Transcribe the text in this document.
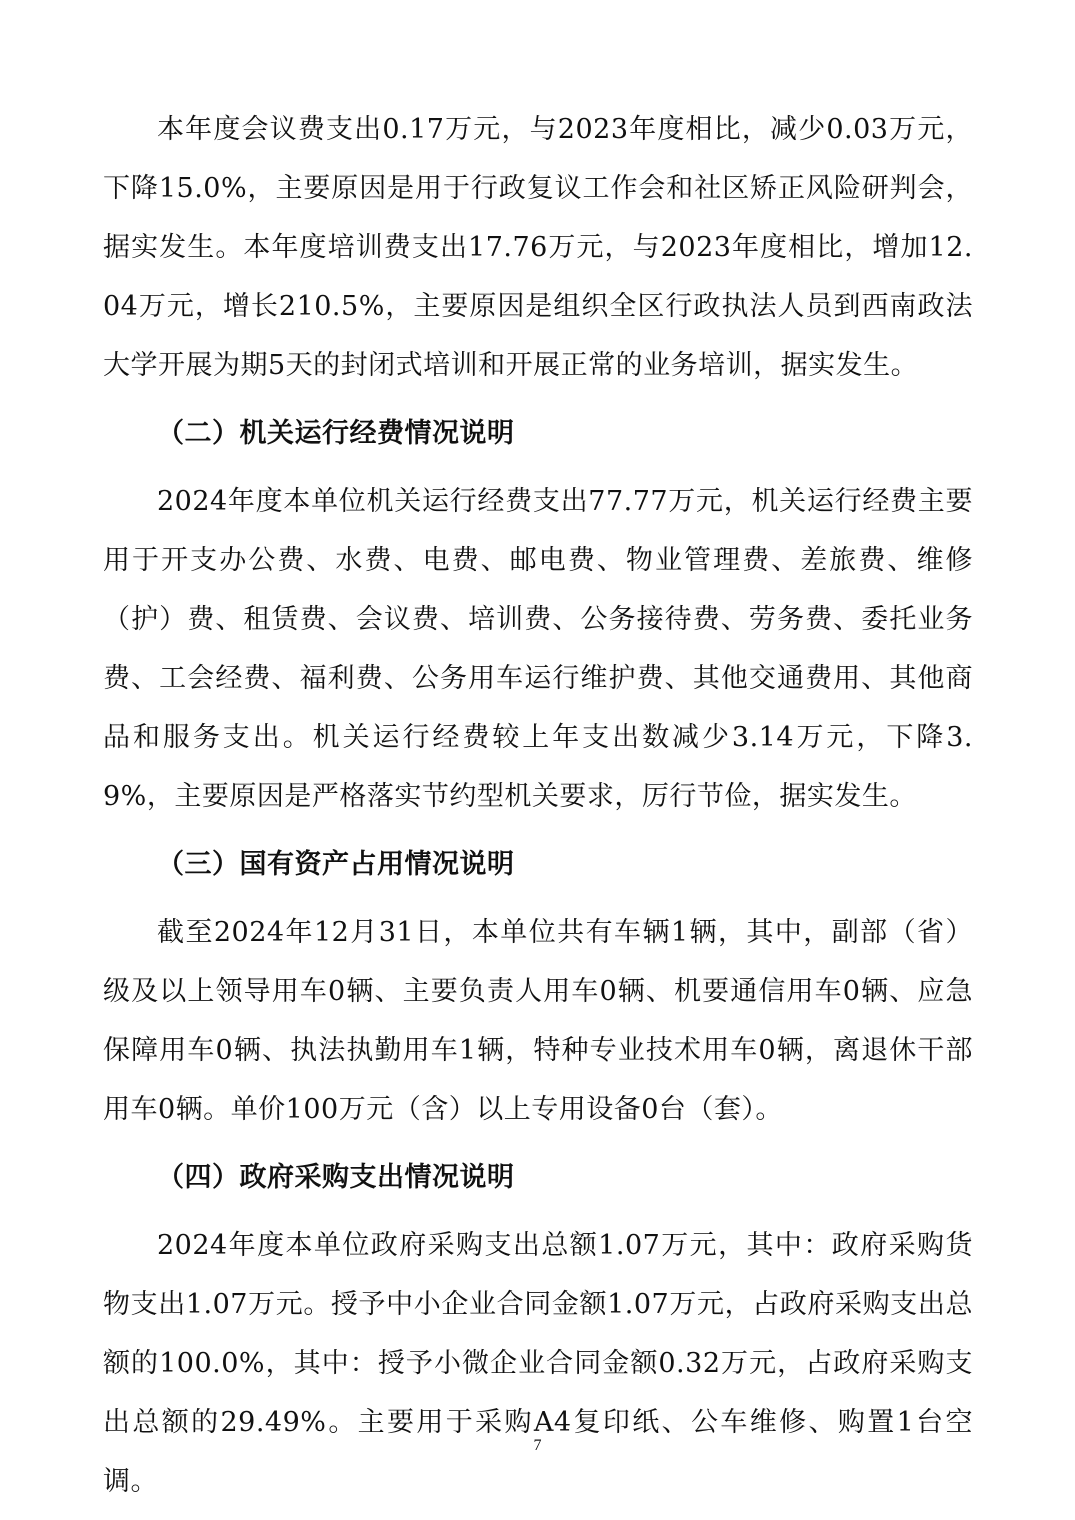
本年度会议费支出0.17万元，与2023年度相比，减少0.03万元，下降15.0%，主要原因是用于行政复议工作会和社区矫正风险研判会，据实发生。本年度培训费支出17.76万元，与2023年度相比，增加12.04万元，增长210.5%，主要原因是组织全区行政执法人员到西南政法大学开展为期5天的封闭式培训和开展正常的业务培训，据实发生。

（二）机关运行经费情况说明

2024年度本单位机关运行经费支出77.77万元，机关运行经费主要用于开支办公费、水费、电费、邮电费、物业管理费、差旅费、维修（护）费、租赁费、会议费、培训费、公务接待费、劳务费、委托业务费、工会经费、福利费、公务用车运行维护费、其他交通费用、其他商品和服务支出。机关运行经费较上年支出数减少3.14万元，下降3.9%，主要原因是严格落实节约型机关要求，厉行节俭，据实发生。

（三）国有资产占用情况说明

截至2024年12月31日，本单位共有车辆1辆，其中，副部（省）级及以上领导用车0辆、主要负责人用车0辆、机要通信用车0辆、应急保障用车0辆、执法执勤用车1辆，特种专业技术用车0辆，离退休干部用车0辆。单价100万元（含）以上专用设备0台（套）。

（四）政府采购支出情况说明

2024年度本单位政府采购支出总额1.07万元，其中：政府采购货物支出1.07万元。授予中小企业合同金额1.07万元，占政府采购支出总额的100.0%，其中：授予小微企业合同金额0.32万元，占政府采购支出总额的29.49%。主要用于采购A4复印纸、公车维修、购置1台空调。

7
